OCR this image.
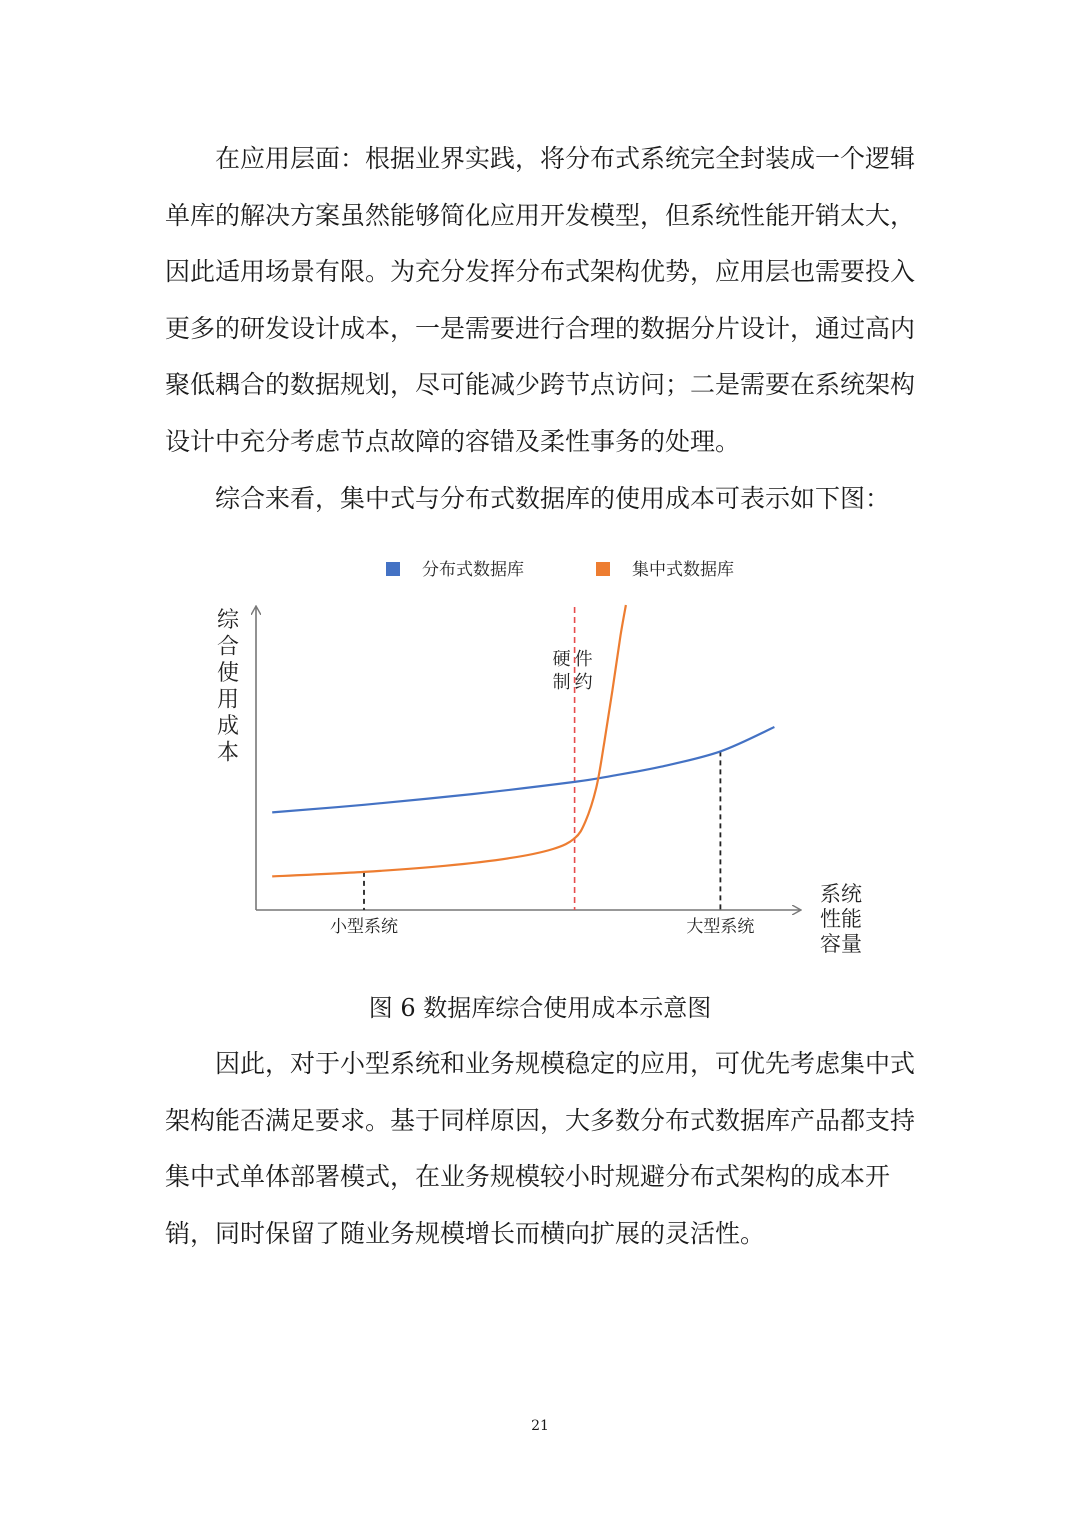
在应用层面：根据业界实践，将分布式系统完全封装成一个逻辑
单库的解决方案虽然能够简化应用开发模型，但系统性能开销太大，
因此适用场景有限。为充分发挥分布式架构优势，应用层也需要投入
更多的研发设计成本，一是需要进行合理的数据分片设计，通过高内
聚低耦合的数据规划，尽可能减少跨节点访问；二是需要在系统架构
设计中充分考虑节点故障的容错及柔性事务的处理。
综合来看，集中式与分布式数据库的使用成本可表示如下图：
分布式数据库	集中式数据库
综
合
使
用
成
本
系统
性能
容量
硬件
制约
小型系统	大型系统
图 6 数据库综合使用成本示意图
因此，对于小型系统和业务规模稳定的应用，可优先考虑集中式
架构能否满足要求。基于同样原因，大多数分布式数据库产品都支持
集中式单体部署模式，在业务规模较小时规避分布式架构的成本开
销，同时保留了随业务规模增长而横向扩展的灵活性。
21
